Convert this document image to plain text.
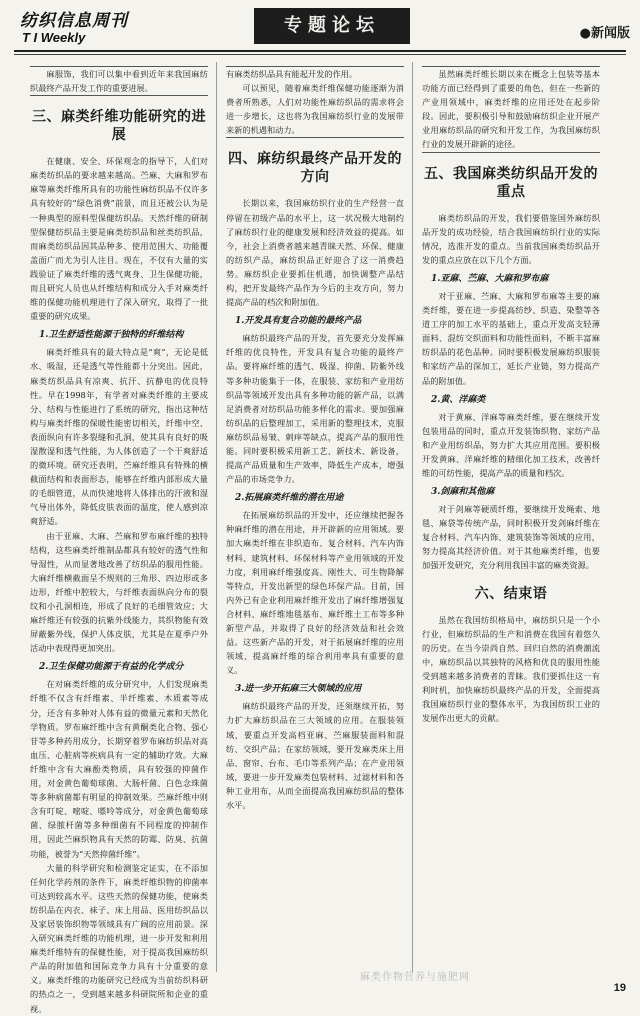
纺织信息周刊
T I Weekly
专题论坛	●新闻版

麻服饰，我们可以集中看到近年来我国麻纺织最终产品开发工作的重要进展。

三、麻类纤维功能研究的进展

在健康、安全、环保观念的指导下，人们对麻类纺织品的要求越来越高。苎麻、大麻和罗布麻等麻类纤维所具有的功能性麻纺织品不仅许多具有较好的“绿色消费”前景，而且还被公认为是一种典型的原料型保健纺织品。天然纤维的研制型保健纺织品主要是麻类纺织品和丝类纺织品，而麻类纺织品因其品种多、使用范围大、功能覆盖面广而尤为引人注目。现在，不仅有大量的实践验证了麻类纤维的透气爽身、卫生保健功能，而且研究人员也从纤维结构和成分入手对麻类纤维的保健功能机理进行了深入研究，取得了一批重要的研究成果。

1.卫生舒适性能源于独特的纤维结构

麻类纤维具有的最大特点是“爽”，无论是低水、吸湿，还是透气等性能都十分突出。因此，麻类纺织品具有凉爽、抗汗、抗静电的优良特性。早在1998年，有学者对麻类纤维的主要成分、结构与性能进行了系统的研究，指出这种结构与麻类纤维的保暖性能密切相关，纤维中空、表面纵向有许多裂缝和孔洞，使其具有良好的吸湿散湿和透气性能，为人体创造了一个干爽舒适的微环境。研究还表明，苎麻纤维具有特殊的横截面结构和表面形态，能够在纤维内部形成大量的毛细管道，从而快速地将人体排出的汗液和湿气导出体外，降低皮肤表面的温度，使人感到凉爽舒适。

由于亚麻、大麻、苎麻和罗布麻纤维的独特结构，这些麻类纤维制品都具有较好的透气性和导湿性，从而显著地改善了纺织品的服用性能。大麻纤维横截面呈不规则的三角形、四边形或多边形，纤维中腔较大，与纤维表面纵向分布的裂纹和小孔洞相连，形成了良好的毛细管效应；大麻纤维还有较强的抗紫外线能力，其织物能有效屏蔽紫外线，保护人体皮肤，尤其是在夏季户外活动中表现得更加突出。

2.卫生保健功能源于有益的化学成分

在对麻类纤维的成分研究中，人们发现麻类纤维不仅含有纤维素、半纤维素、木质素等成分，还含有多种对人体有益的微量元素和天然化学物质。罗布麻纤维中含有黄酮类化合物、强心苷等多种药用成分，长期穿着罗布麻纺织品对高血压、心脏病等疾病具有一定的辅助疗效。大麻纤维中含有大麻酚类物质，具有较强的抑菌作用，对金黄色葡萄球菌、大肠杆菌、白色念珠菌等多种病菌都有明显的抑制效果。苎麻纤维中则含有叮啶、嘧啶、嘌呤等成分，对金黄色葡萄球菌、绿脓杆菌等多种细菌有不同程度的抑制作用，因此苎麻织物具有天然的防霉、防臭、抗菌功能，被誉为“天然抑菌纤维”。

大量的科学研究和检测鉴定证实，在不添加任何化学药剂的条件下，麻类纤维织物的抑菌率可达到较高水平。这些天然的保健功能，使麻类纺织品在内衣、袜子、床上用品、医用纺织品以及家居装饰织物等领域具有广阔的应用前景。深入研究麻类纤维的功能机理，进一步开发和利用麻类纤维特有的保健性能，对于提高我国麻纺织产品的附加值和国际竞争力具有十分重要的意义。麻类纤维的功能研究已经成为当前纺织科研的热点之一，受到越来越多科研院所和企业的重视。

有麻类纺织品具有能起开发的作用。

可以预见，随着麻类纤维保健功能逐渐为消费者所熟悉，人们对功能性麻纺织品的需求将会进一步增长，这也将为我国麻纺织行业的发展带来新的机遇和动力。

四、麻纺织最终产品开发的方向

长期以来，我国麻纺织行业的生产经营一直停留在初级产品的水平上，这一状况极大地制约了麻纺织行业的健康发展和经济效益的提高。如今，社会上消费者越来越青睐天然、环保、健康的纺织产品，麻纺织品正好迎合了这一消费趋势。麻纺织企业要抓住机遇，加快调整产品结构，把开发最终产品作为今后的主攻方向，努力提高产品的档次和附加值。

1.开发具有复合功能的最终产品

麻纺织最终产品的开发，首先要充分发挥麻纤维的优良特性，开发具有复合功能的最终产品。要将麻纤维的透气、吸湿、抑菌、防紫外线等多种功能集于一体，在服装、家纺和产业用纺织品等领域开发出具有多种功能的新产品，以满足消费者对纺织品功能多样化的需求。要加强麻纺织品的后整理加工，采用新的整理技术，克服麻纺织品易皱、刺痒等缺点，提高产品的服用性能。同时要积极采用新工艺、新技术、新设备，提高产品质量和生产效率，降低生产成本，增强产品的市场竞争力。

2.拓展麻类纤维的潜在用途

在拓展麻纺织品的开发中，还应继续把握各种麻纤维的潜在用途，并开辟新的应用领域。要加大麻类纤维在非织造布、复合材料、汽车内饰材料、建筑材料、环保材料等产业用领域的开发力度，利用麻纤维强度高、刚性大、可生物降解等特点，开发出新型的绿色环保产品。目前，国内外已有企业利用麻纤维开发出了麻纤维增强复合材料、麻纤维地毯基布、麻纤维土工布等多种新型产品，并取得了良好的经济效益和社会效益。这些新产品的开发，对于拓展麻纤维的应用领域、提高麻纤维的综合利用率具有重要的意义。

3.进一步开拓麻三大领域的应用

麻纺织最终产品的开发，还须继续开拓，努力扩大麻纺织品在三大领域的应用。在服装领域，要重点开发高档亚麻、苎麻服装面料和混纺、交织产品；在家纺领域，要开发麻类床上用品、窗帘、台布、毛巾等系列产品；在产业用领域，要进一步开发麻类包装材料、过滤材料和各种工业用布，从而全面提高我国麻纺织品的整体水平。

虽然麻类纤维长期以来在概念上包装等基本功能方面已经得到了重要的角色，但在一些新的产业用领域中，麻类纤维的应用还处在起步阶段。因此，要积极引导和鼓励麻纺织企业开展产业用麻纺织品的研究和开发工作，为我国麻纺织行业的发展开辟新的途径。

五、我国麻类纺织品开发的重点

麻类纺织品的开发，我们要借鉴国外麻纺织品开发的成功经验，结合我国麻纺织行业的实际情况，选准开发的重点。当前我国麻类纺织品开发的重点应放在以下几个方面。

1.亚麻、苎麻、大麻和罗布麻

对于亚麻、苎麻、大麻和罗布麻等主要的麻类纤维，要在进一步提高纺纱、织造、染整等各道工序的加工水平的基础上，重点开发高支轻薄面料、混纺交织面料和功能性面料，不断丰富麻纺织品的花色品种。同时要积极发展麻纺织服装和家纺产品的深加工，延长产业链，努力提高产品的附加值。

2.黄、洋麻类

对于黄麻、洋麻等麻类纤维，要在继续开发包装用品的同时，重点开发装饰织物、家纺产品和产业用纺织品，努力扩大其应用范围。要积极开发黄麻、洋麻纤维的精细化加工技术，改善纤维的可纺性能，提高产品的质量和档次。

3.剑麻和其他麻

对于剑麻等硬质纤维，要继续开发绳索、地毯、麻袋等传统产品，同时积极开发剑麻纤维在复合材料、汽车内饰、建筑装饰等领域的应用，努力提高其经济价值。对于其他麻类纤维，也要加强开发研究，充分利用我国丰富的麻类资源。

六、结束语

虽然在我国纺织格局中，麻纺织只是一个小行业，但麻纺织品的生产和消费在我国有着悠久的历史。在当今崇尚自然、回归自然的消费潮流中，麻纺织品以其独特的风格和优良的服用性能受到越来越多消费者的青睐。我们要抓住这一有利时机，加快麻纺织最终产品的开发，全面提高我国麻纺织行业的整体水平，为我国纺织工业的发展作出更大的贡献。

麻类作物营养与施肥网
19
